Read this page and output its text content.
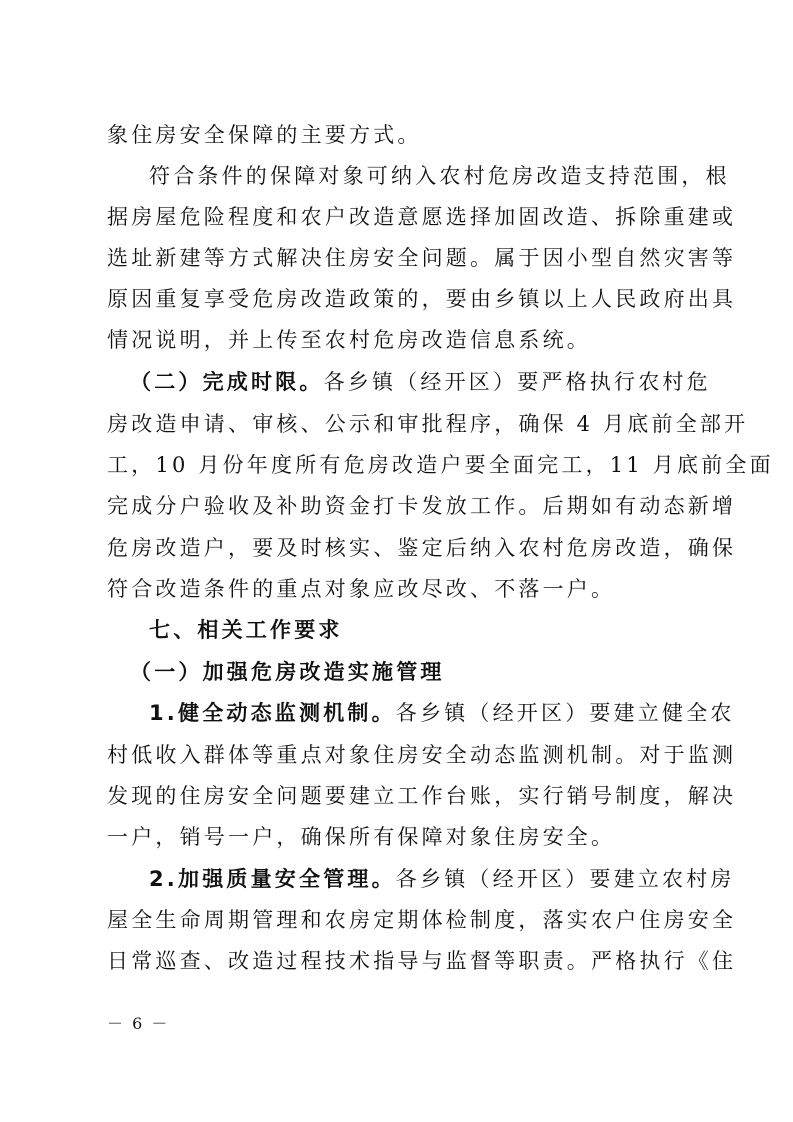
象住房安全保障的主要方式。
符合条件的保障对象可纳入农村危房改造支持范围，根
据房屋危险程度和农户改造意愿选择加固改造、拆除重建或
选址新建等方式解决住房安全问题。属于因小型自然灾害等
原因重复享受危房改造政策的，要由乡镇以上人民政府出具
情况说明，并上传至农村危房改造信息系统。
（二）完成时限。各乡镇（经开区）要严格执行农村危
房改造申请、审核、公示和审批程序，确保 4 月底前全部开
工，10 月份年度所有危房改造户要全面完工，11 月底前全面
完成分户验收及补助资金打卡发放工作。后期如有动态新增
危房改造户，要及时核实、鉴定后纳入农村危房改造，确保
符合改造条件的重点对象应改尽改、不落一户。
七、相关工作要求
（一）加强危房改造实施管理
1.健全动态监测机制。各乡镇（经开区）要建立健全农
村低收入群体等重点对象住房安全动态监测机制。对于监测
发现的住房安全问题要建立工作台账，实行销号制度，解决
一户，销号一户，确保所有保障对象住房安全。
2.加强质量安全管理。各乡镇（经开区）要建立农村房
屋全生命周期管理和农房定期体检制度，落实农户住房安全
日常巡查、改造过程技术指导与监督等职责。严格执行《住
－ 6 －
